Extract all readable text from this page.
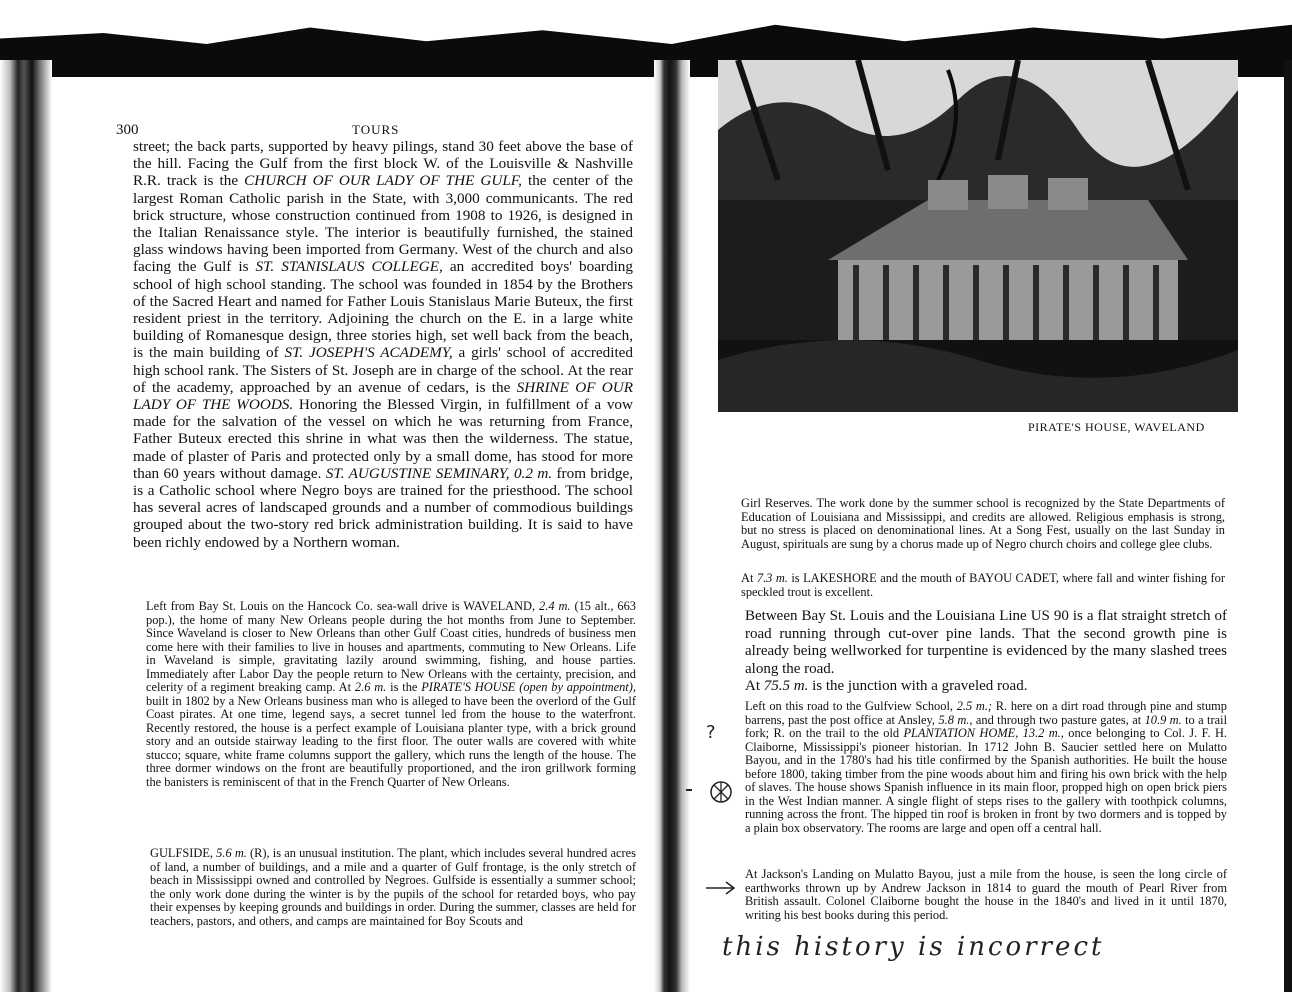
300	TOURS
street; the back parts, supported by heavy pilings, stand 30 feet above the base of the hill. Facing the Gulf from the first block W. of the Louisville & Nashville R.R. track is the CHURCH OF OUR LADY OF THE GULF, the center of the largest Roman Catholic parish in the State, with 3,000 communicants. The red brick structure, whose construction continued from 1908 to 1926, is designed in the Italian Renaissance style. The interior is beautifully furnished, the stained glass windows having been imported from Germany. West of the church and also facing the Gulf is ST. STANISLAUS COLLEGE, an accredited boys' boarding school of high school standing. The school was founded in 1854 by the Brothers of the Sacred Heart and named for Father Louis Stanislaus Marie Buteux, the first resident priest in the territory. Adjoining the church on the E. in a large white building of Romanesque design, three stories high, set well back from the beach, is the main building of ST. JOSEPH'S ACADEMY, a girls' school of accredited high school rank. The Sisters of St. Joseph are in charge of the school. At the rear of the academy, approached by an avenue of cedars, is the SHRINE OF OUR LADY OF THE WOODS. Honoring the Blessed Virgin, in fulfillment of a vow made for the salvation of the vessel on which he was returning from France, Father Buteux erected this shrine in what was then the wilderness. The statue, made of plaster of Paris and protected only by a small dome, has stood for more than 60 years without damage. ST. AUGUSTINE SEMINARY, 0.2 m. from bridge, is a Catholic school where Negro boys are trained for the priesthood. The school has several acres of landscaped grounds and a number of commodious buildings grouped about the two-story red brick administration building. It is said to have been richly endowed by a Northern woman.
Left from Bay St. Louis on the Hancock Co. sea-wall drive is WAVELAND, 2.4 m. (15 alt., 663 pop.), the home of many New Orleans people during the hot months from June to September. Since Waveland is closer to New Orleans than other Gulf Coast cities, hundreds of business men come here with their families to live in houses and apartments, commuting to New Orleans. Life in Waveland is simple, gravitating lazily around swimming, fishing, and house parties. Immediately after Labor Day the people return to New Orleans with the certainty, precision, and celerity of a regiment breaking camp. At 2.6 m. is the PIRATE'S HOUSE (open by appointment), built in 1802 by a New Orleans business man who is alleged to have been the overlord of the Gulf Coast pirates. At one time, legend says, a secret tunnel led from the house to the waterfront. Recently restored, the house is a perfect example of Louisiana planter type, with a brick ground story and an outside stairway leading to the first floor. The outer walls are covered with white stucco; square, white frame columns support the gallery, which runs the length of the house. The three dormer windows on the front are beautifully proportioned, and the iron grillwork forming the banisters is reminiscent of that in the French Quarter of New Orleans.
GULFSIDE, 5.6 m. (R), is an unusual institution. The plant, which includes several hundred acres of land, a number of buildings, and a mile and a quarter of Gulf frontage, is the only stretch of beach in Mississippi owned and controlled by Negroes. Gulfside is essentially a summer school; the only work done during the winter is by the pupils of the school for retarded boys, who pay their expenses by keeping grounds and buildings in order. During the summer, classes are held for teachers, pastors, and others, and camps are maintained for Boy Scouts and
PIRATE'S HOUSE, WAVELAND
Girl Reserves. The work done by the summer school is recognized by the State Departments of Education of Louisiana and Mississippi, and credits are allowed. Religious emphasis is strong, but no stress is placed on denominational lines. At a Song Fest, usually on the last Sunday in August, spirituals are sung by a chorus made up of Negro church choirs and college glee clubs.
At 7.3 m. is LAKESHORE and the mouth of BAYOU CADET, where fall and winter fishing for speckled trout is excellent.
Between Bay St. Louis and the Louisiana Line US 90 is a flat straight stretch of road running through cut-over pine lands. That the second growth pine is already being wellworked for turpentine is evidenced by the many slashed trees along the road.
At 75.5 m. is the junction with a graveled road.
Left on this road to the Gulfview School, 2.5 m.; R. here on a dirt road through pine and stump barrens, past the post office at Ansley, 5.8 m., and through two pasture gates, at 10.9 m. to a trail fork; R. on the trail to the old PLANTATION HOME, 13.2 m., once belonging to Col. J. F. H. Claiborne, Mississippi's pioneer historian. In 1712 John B. Saucier settled here on Mulatto Bayou, and in the 1780's had his title confirmed by the Spanish authorities. He built the house before 1800, taking timber from the pine woods about him and firing his own brick with the help of slaves. The house shows Spanish influence in its main floor, propped high on open brick piers in the West Indian manner. A single flight of steps rises to the gallery with toothpick columns, running across the front. The hipped tin roof is broken in front by two dormers and is topped by a plain box observatory. The rooms are large and open off a central hall.
At Jackson's Landing on Mulatto Bayou, just a mile from the house, is seen the long circle of earthworks thrown up by Andrew Jackson in 1814 to guard the mouth of Pearl River from British assault. Colonel Claiborne bought the house in the 1840's and lived in it until 1870, writing his best books during this period.
?
this history is incorrect
